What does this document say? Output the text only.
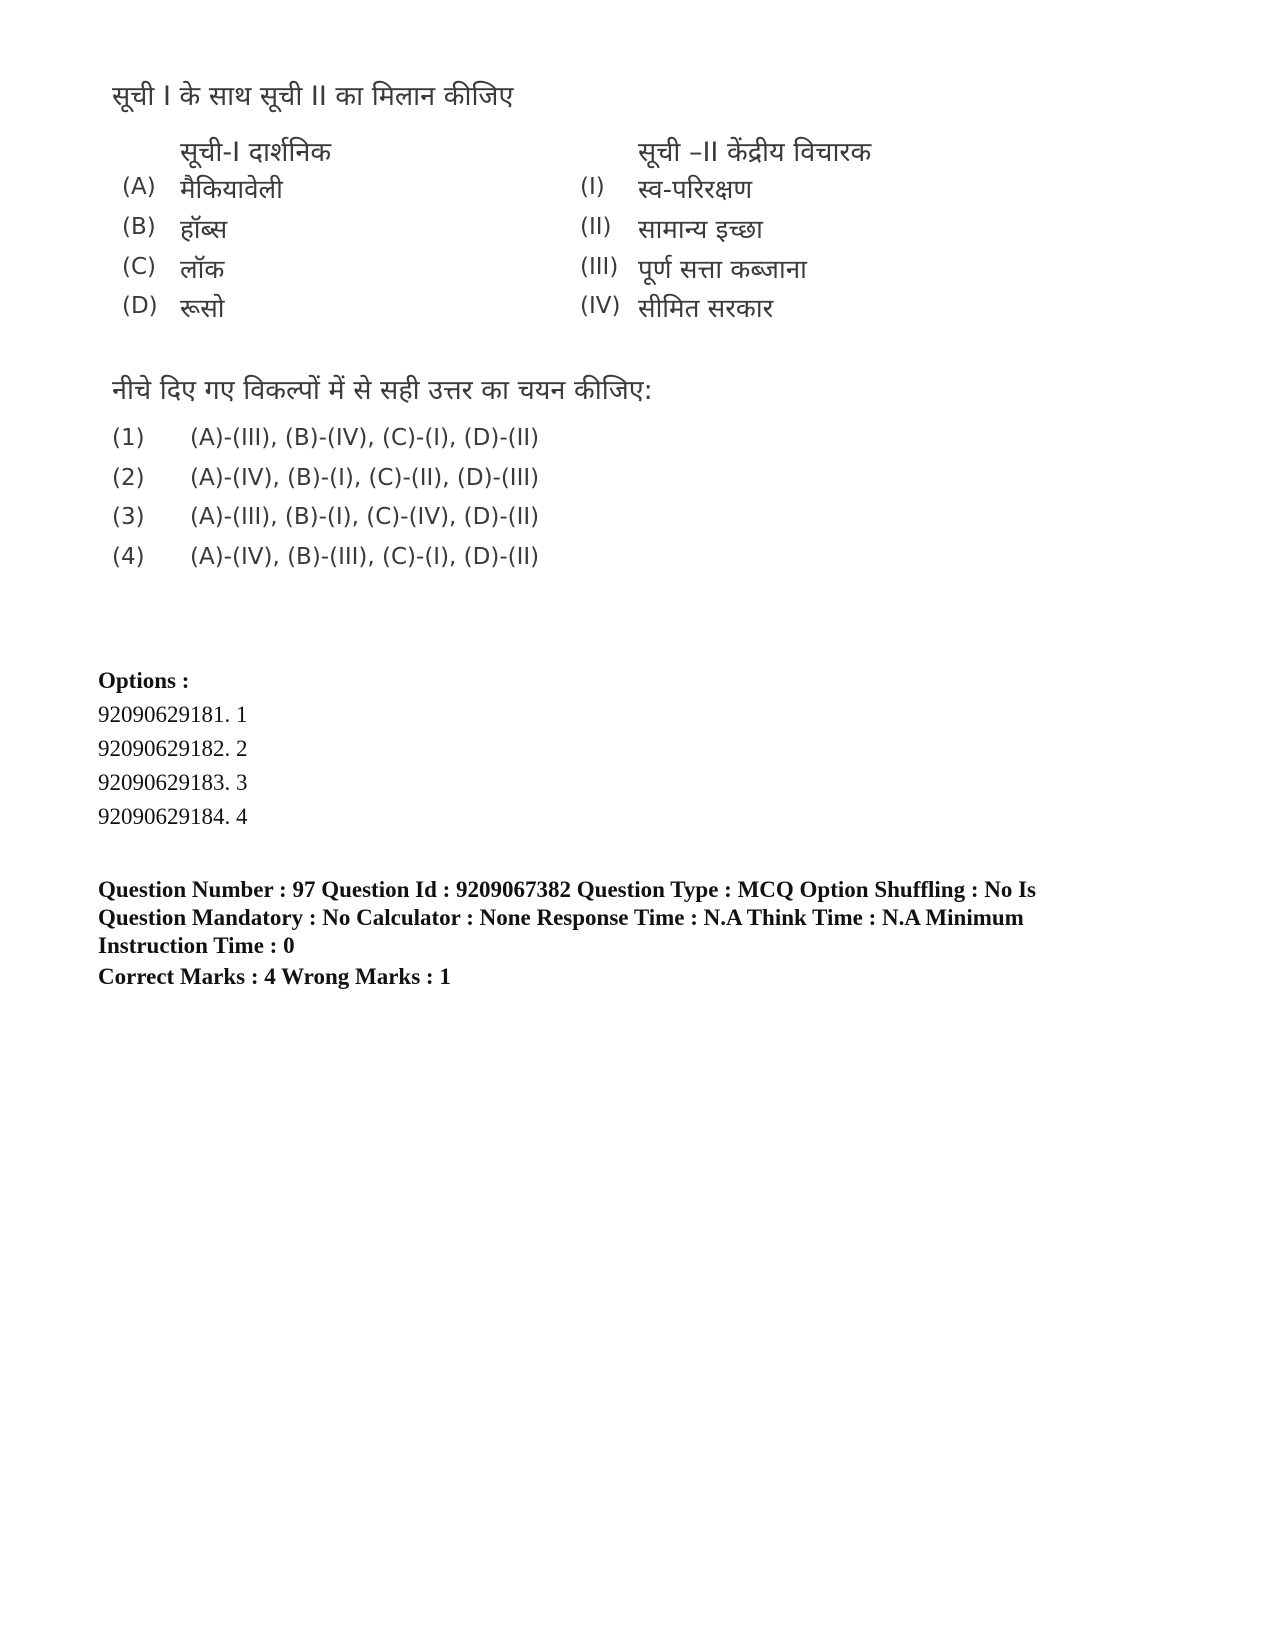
सूची I के साथ सूची II का मिलान कीजिए
सूची-I दार्शनिक	सूची –II केंद्रीय विचारक
(A) मैकियावेली	(I) स्व-परिरक्षण
(B) हॉब्स	(II) सामान्य इच्छा
(C) लॉक	(III) पूर्ण सत्ता कब्जाना
(D) रूसो	(IV) सीमित सरकार
नीचे दिए गए विकल्पों में से सही उत्तर का चयन कीजिए:
(1) (A)-(III), (B)-(IV), (C)-(I), (D)-(II)
(2) (A)-(IV), (B)-(I), (C)-(II), (D)-(III)
(3) (A)-(III), (B)-(I), (C)-(IV), (D)-(II)
(4) (A)-(IV), (B)-(III), (C)-(I), (D)-(II)
Options :
92090629181. 1
92090629182. 2
92090629183. 3
92090629184. 4
Question Number : 97 Question Id : 9209067382 Question Type : MCQ Option Shuffling : No Is Question Mandatory : No Calculator : None Response Time : N.A Think Time : N.A Minimum Instruction Time : 0
Correct Marks : 4 Wrong Marks : 1
